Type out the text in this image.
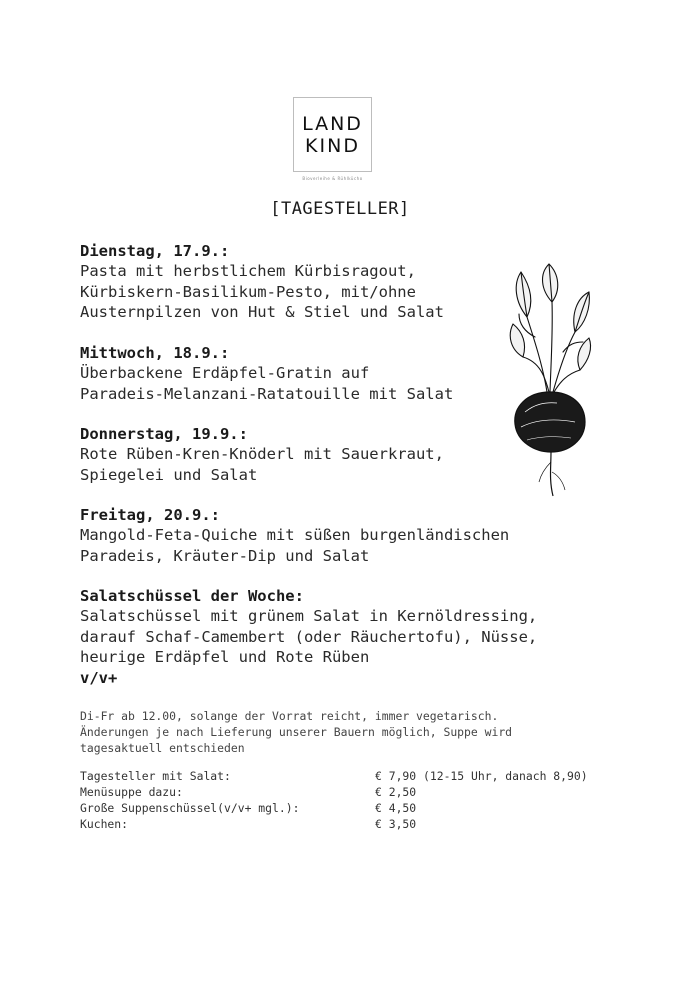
LAND
KIND
Bioverleihe & Rühlkücho
[TAGESTELLER]
Dienstag, 17.9.:
Pasta mit herbstlichem Kürbisragout,
Kürbiskern-Basilikum-Pesto, mit/ohne
Austernpilzen von Hut & Stiel und Salat
Mittwoch, 18.9.:
Überbackene Erdäpfel-Gratin auf
Paradeis-Melanzani-Ratatouille mit Salat
Donnerstag, 19.9.:
Rote Rüben-Kren-Knöderl mit Sauerkraut,
Spiegelei und Salat
Freitag, 20.9.:
Mangold-Feta-Quiche mit süßen burgenländischen
Paradeis, Kräuter-Dip und Salat
Salatschüssel der Woche:
Salatschüssel mit grünem Salat in Kernöldressing,
darauf Schaf-Camembert (oder Räuchertofu), Nüsse,
heurige Erdäpfel und Rote Rüben
v/v+
Di-Fr ab 12.00, solange der Vorrat reicht, immer vegetarisch.
Änderungen je nach Lieferung unserer Bauern möglich, Suppe wird
tagesaktuell entschieden
Tagesteller mit Salat:	€ 7,90 (12-15 Uhr, danach 8,90)
Menüsuppe dazu:	€ 2,50
Große Suppenschüssel(v/v+ mgl.):	€ 4,50
Kuchen:	€ 3,50
